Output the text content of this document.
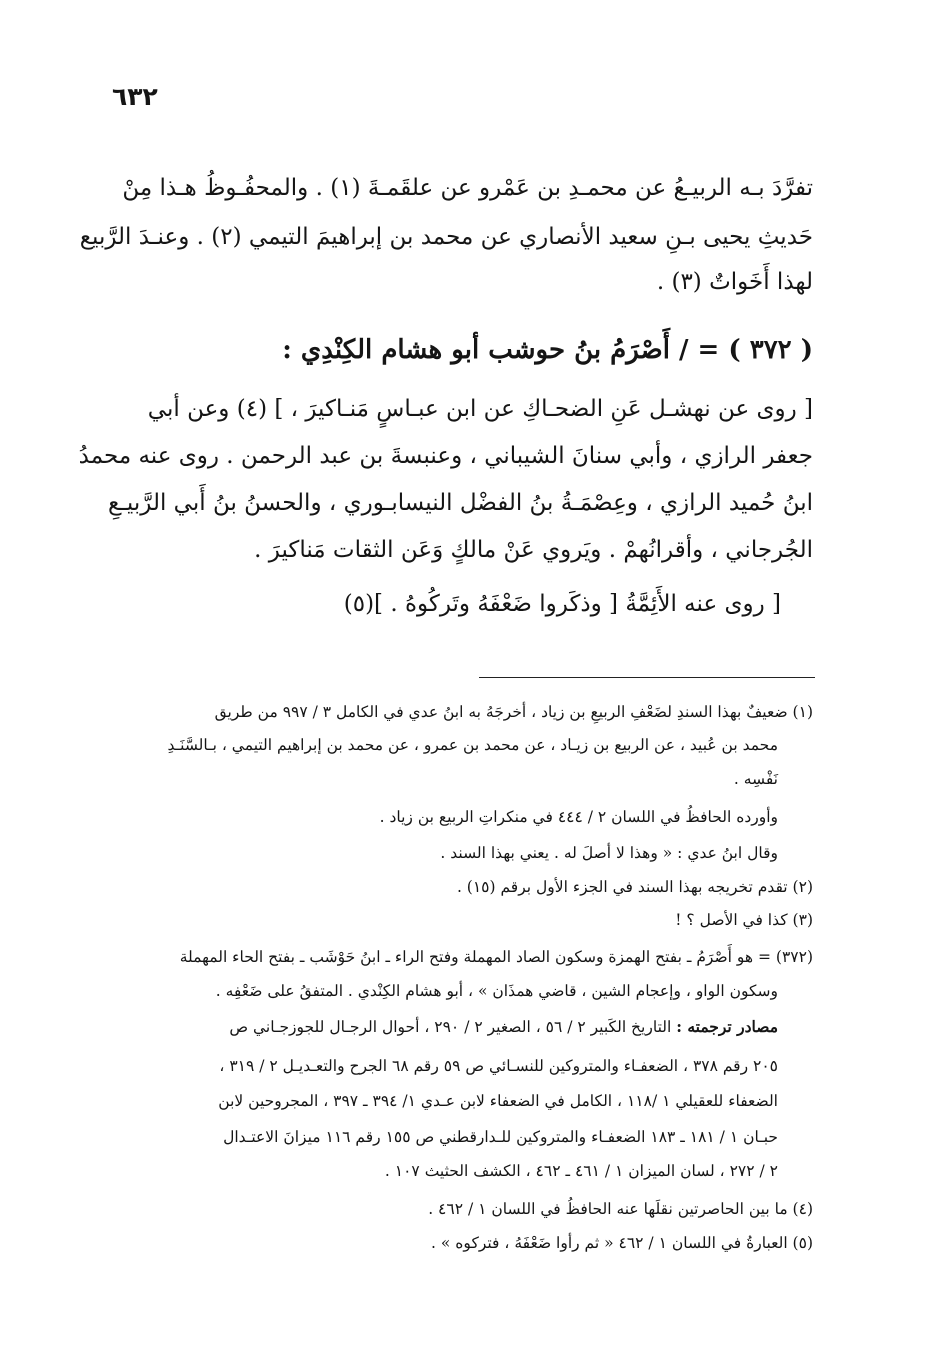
٦٣٢
تفرَّدَ بـه الربيـعُ عن محمـدِ بن عَمْرو عن علقَمـةَ (١) . والمحفُـوظُ هـذا مِنْ
حَديثِ يحيى بـنِ سعيد الأنصاري عن محمد بن إبراهيمَ التيمي (٢) . وعنـدَ الرَّبيع
لهذا أَخَواتٌ (٣) .
( ٣٧٢ ) = / أَصْرَمُ بنُ حوشب أبو هشام الكِنْدِي :
[ روى عن نهشـل عَنِ الضحـاكِ عن ابن عبـاسٍ مَنـاكيرَ ، ] (٤) وعن أبي
جعفر الرازي ، وأبي سنانَ الشيباني ، وعنبسةَ بن عبد الرحمن . روى عنه محمدُ
ابنُ حُميد الرازي ، وعِصْمَـةُ بنُ الفضْل النيسابـوري ، والحسنُ بنُ أَبي الرَّبيـعِ
الجُرجاني ، وأقرانُهمْ . ويَروي عَنْ مالكٍ وَعَن الثقات مَناكيرَ .
[ روى عنه الأَئِمَّةُ [ وذكَروا ضَعْفَهُ وتَركُوهُ . ](٥)
(١) ضعيفٌ بهذا السندِ لضَعْفِ الربيعِ بن زياد ، أخرجَهُ به ابنُ عدي في الكامل ٣ / ٩٩٧ من طريق
محمد بن عُبيد ، عن الربيع بن زيـاد ، عن محمد بن عمرو ، عن محمد بن إبراهيم التيمي ، بـالسَّنَـدِ
نَفْسِه .
وأورده الحافظُ في اللسان ٢ / ٤٤٤ في منكراتِ الربيع بن زياد .
وقال ابنُ عدي : « وهذا لا أصلَ له . يعني بهذا السند .
(٢) تقدم تخريجه بهذا السند في الجزء الأول برقم (١٥) .
(٣) كذا في الأصل ؟ !
(٣٧٢) = هو أَصْرَمُ ـ بفتح الهمزة وسكون الصاد المهملة وفتح الراء ـ ابنُ حَوْشَب ـ بفتح الحاء المهملة
وسكون الواو ، وإعجام الشين ، قاضي همذَان » ، أبو هشام الكِنْدي . المتفقُ على ضَعْفِه .
مصادر ترجمته : التاريخ الكَبير ٢ / ٥٦ ، الصغير ٢ / ٢٩٠ ، أحوال الرجـال للجوزجـاني ص
٢٠٥ رقم ٣٧٨ ، الضعفـاء والمتروكين للنسـائي ص ٥٩ رقم ٦٨ الجرح والتعـديـل ٢ / ٣١٩ ،
الضعفاء للعقيلي ١ /١١٨ ، الكامل في الضعفاء لابن عـدي ١/ ٣٩٤ ـ ٣٩٧ ، المجروحين لابن
حبـان ١ / ١٨١ ـ ١٨٣ الضعفـاء والمتروكين للـدارقطني ص ١٥٥ رقم ١١٦ ميزانَ الاعتـدال
٢ / ٢٧٢ ، لسان الميزان ١ / ٤٦١ ـ ٤٦٢ ، الكشف الحثيث ١٠٧ .
(٤) ما بين الحاصرتين نقلَها عنه الحافظُ في اللسان ١ / ٤٦٢ .
(٥) العبارةُ في اللسان ١ / ٤٦٢ « ثم رأوا ضَعْفَهُ ، فتركوه » .
